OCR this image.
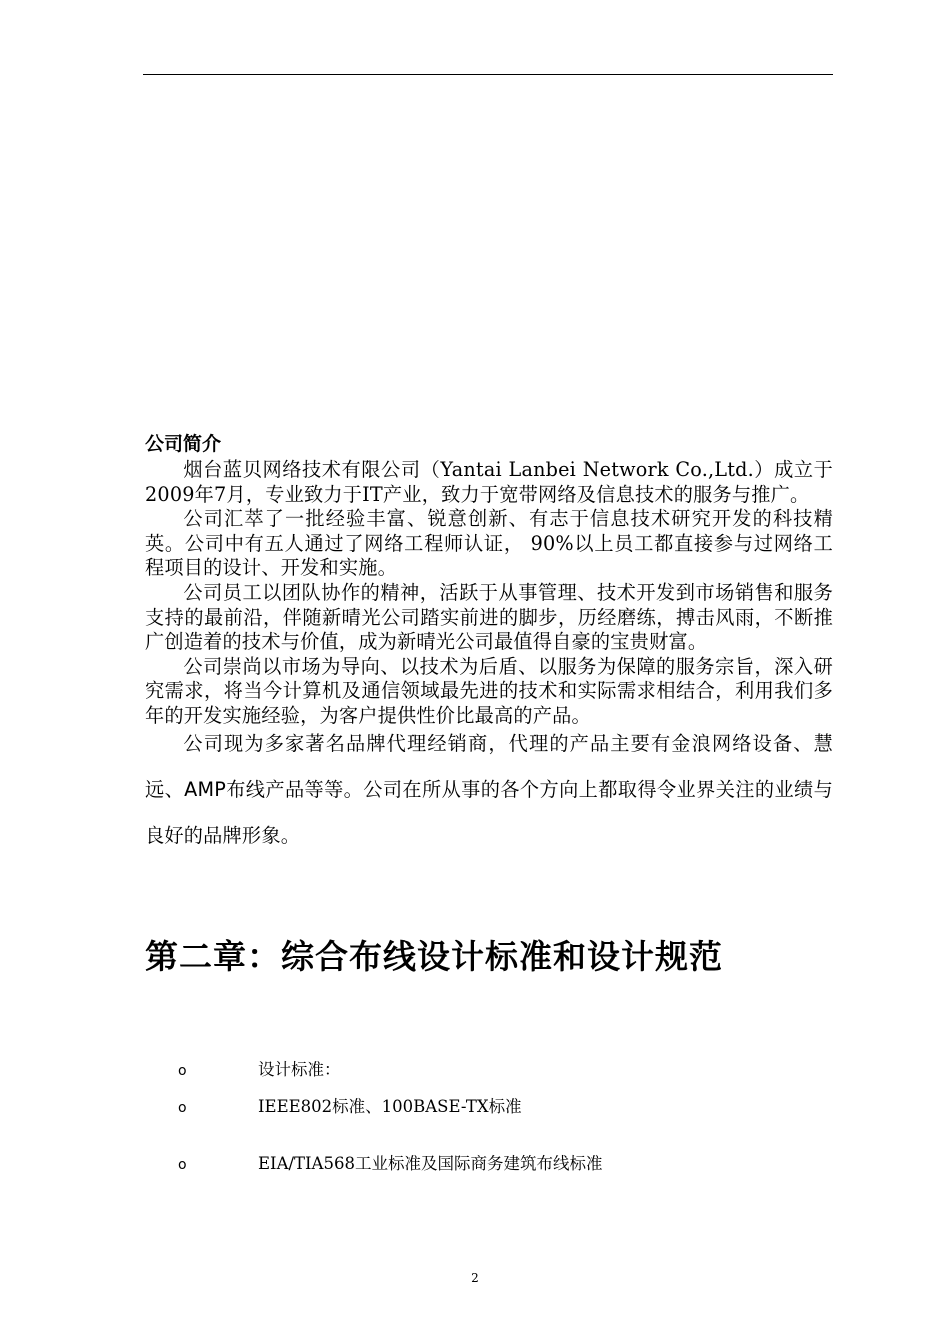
公司简介

烟台蓝贝网络技术有限公司（Yantai Lanbei Network Co.,Ltd.）成立于2009年7月，专业致力于IT产业，致力于宽带网络及信息技术的服务与推广。

公司汇萃了一批经验丰富、锐意创新、有志于信息技术研究开发的科技精英。公司中有五人通过了网络工程师认证， 90%以上员工都直接参与过网络工程项目的设计、开发和实施。

公司员工以团队协作的精神，活跃于从事管理、技术开发到市场销售和服务支持的最前沿，伴随新晴光公司踏实前进的脚步，历经磨练，搏击风雨，不断推广创造着的技术与价值，成为新晴光公司最值得自豪的宝贵财富。

公司崇尚以市场为导向、以技术为后盾、以服务为保障的服务宗旨，深入研究需求，将当今计算机及通信领域最先进的技术和实际需求相结合，利用我们多年的开发实施经验，为客户提供性价比最高的产品。

公司现为多家著名品牌代理经销商，代理的产品主要有金浪网络设备、慧远、AMP布线产品等等。公司在所从事的各个方向上都取得令业界关注的业绩与良好的品牌形象。

第二章：综合布线设计标准和设计规范
o	设计标准：
o	IEEE802标准、100BASE-TX标准
o	EIA/TIA568工业标准及国际商务建筑布线标准
2
